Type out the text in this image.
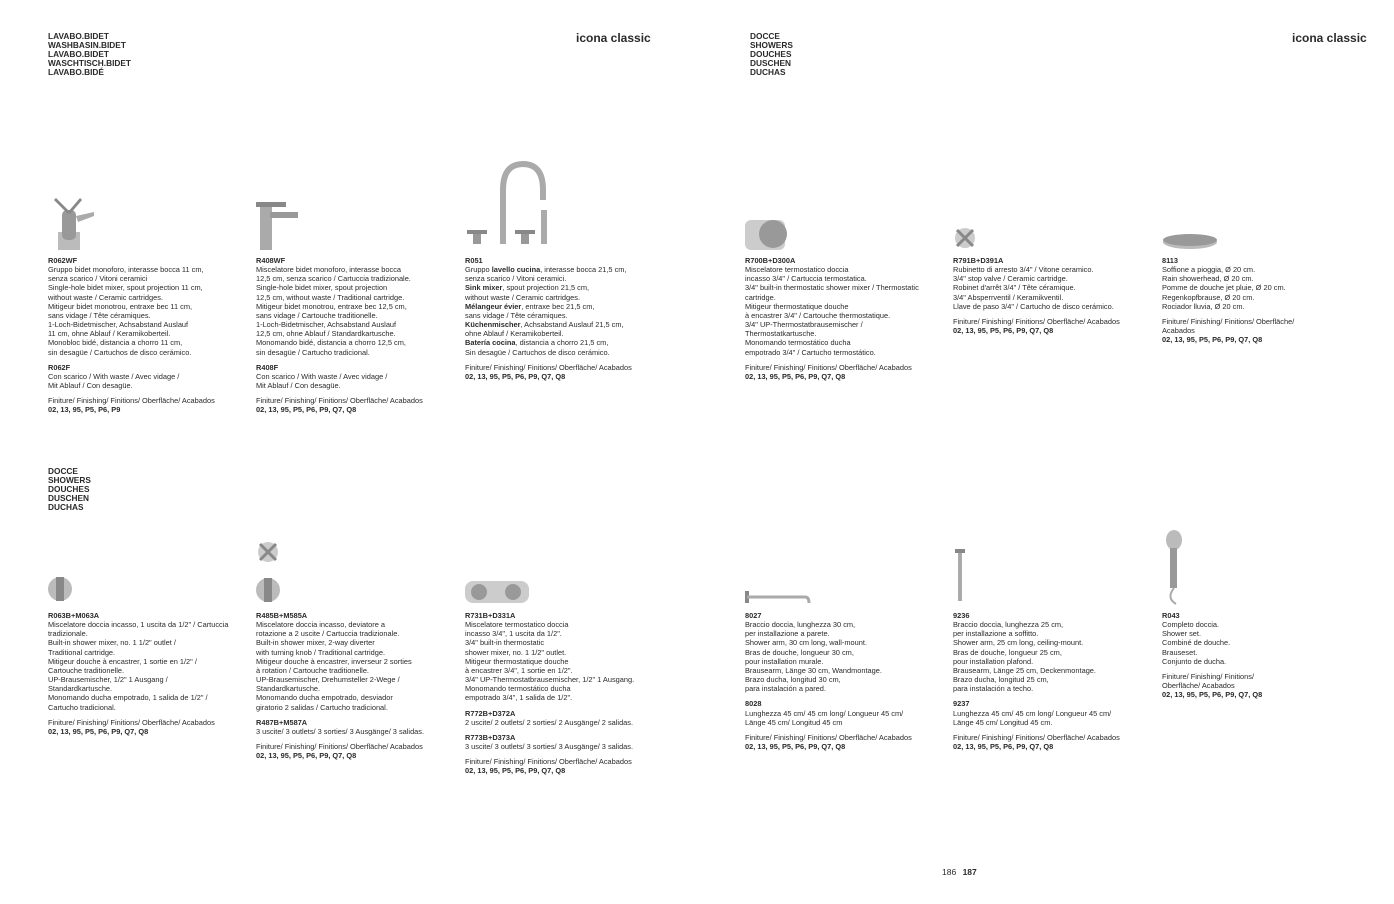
LAVABO.BIDET
WASHBASIN.BIDET
LAVABO.BIDET
WASCHTISCH.BIDET
LAVABO.BIDÉ
icona classic	DOCCE
SHOWERS
DOUCHES
DUSCHEN
DUCHAS
icona classic
DOCCE
SHOWERS
DOUCHES
DUSCHEN
DUCHAS
R062WF
Gruppo bidet monoforo, interasse bocca 11 cm,
senza scarico / Vitoni ceramici
Single-hole bidet mixer, spout projection 11 cm,
without waste / Ceramic cartridges.
Mitigeur bidet monotrou, entraxe bec 11 cm,
sans vidage / Tête céramiques.
1-Loch-Bidetmischer, Achsabstand Auslauf
11 cm, ohne Ablauf / Keramikoberteil.
Monobloc bidé, distancia a chorro 11 cm,
sin desagüe / Cartuchos de disco cerámico.
R062F
Con scarico / With waste / Avec vidage /
Mit Ablauf / Con desagüe.
Finiture/ Finishing/ Finitions/ Oberfläche/ Acabados
02, 13, 95, P5, P6, P9
R408WF
Miscelatore bidet monoforo, interasse bocca
12,5 cm, senza scarico / Cartuccia tradizionale.
Single-hole bidet mixer, spout projection
12,5 cm, without waste / Traditional cartridge.
Mitigeur bidet monotrou, entraxe bec 12,5 cm,
sans vidage / Cartouche traditionelle.
1-Loch-Bidetmischer, Achsabstand Auslauf
12,5 cm, ohne Ablauf / Standardkartusche.
Monomando bidé, distancia a chorro 12,5 cm,
sin desagüe / Cartucho tradicional.
R408F
Con scarico / With waste / Avec vidage /
Mit Ablauf / Con desagüe.
Finiture/ Finishing/ Finitions/ Oberfläche/ Acabados
02, 13, 95, P5, P6, P9, Q7, Q8
R051
Gruppo lavello cucina, interasse bocca 21,5 cm,
senza scarico / Vitoni ceramici.
Sink mixer, spout projection 21,5 cm,
without waste / Ceramic cartridges.
Mélangeur évier, entraxe bec 21,5 cm,
sans vidage / Tête céramiques.
Küchenmischer, Achsabstand Auslauf 21,5 cm,
ohne Ablauf / Keramikoberteil.
Batería cocina, distancia a chorro 21,5 cm,
Sin desagüe / Cartuchos de disco cerámico.
Finiture/ Finishing/ Finitions/ Oberfläche/ Acabados
02, 13, 95, P5, P6, P9, Q7, Q8
R700B+D300A
Miscelatore termostatico doccia
incasso 3/4" / Cartuccia termostatica.
3/4" built-in thermostatic shower mixer / Thermostatic
cartridge.
Mitigeur thermostatique douche
à encastrer 3/4" / Cartouche thermostatique.
3/4" UP-Thermostatbrausemischer /
Thermostatkartusche.
Monomando termostático ducha
empotrado 3/4" / Cartucho termostático.
Finiture/ Finishing/ Finitions/ Oberfläche/ Acabados
02, 13, 95, P5, P6, P9, Q7, Q8
R791B+D391A
Rubinetto di arresto 3/4" / Vitone ceramico.
3/4" stop valve / Ceramic cartridge.
Robinet d'arrêt 3/4" / Tête céramique.
3/4" Absperrventil / Keramikventil.
Llave de paso 3/4" / Cartucho de disco cerámico.
Finiture/ Finishing/ Finitions/ Oberfläche/ Acabados
02, 13, 95, P5, P6, P9, Q7, Q8
8113
Soffione a pioggia, Ø 20 cm.
Rain showerhead, Ø 20 cm.
Pomme de douche jet pluie, Ø 20 cm.
Regenkopfbrause, Ø 20 cm.
Rociador lluvia, Ø 20 cm.
Finiture/ Finishing/ Finitions/ Oberfläche/
Acabados
02, 13, 95, P5, P6, P9, Q7, Q8
R063B+M063A
Miscelatore doccia incasso, 1 uscita da 1/2" / Cartuccia
tradizionale.
Built-in shower mixer, no. 1 1/2" outlet /
Traditional cartridge.
Mitigeur douche à encastrer, 1 sortie en 1/2" /
Cartouche traditionelle.
UP-Brausemischer, 1/2" 1 Ausgang /
Standardkartusche.
Monomando ducha empotrado, 1 salida de 1/2" /
Cartucho tradicional.
Finiture/ Finishing/ Finitions/ Oberfläche/ Acabados
02, 13, 95, P5, P6, P9, Q7, Q8
R485B+M585A
Miscelatore doccia incasso, deviatore a
rotazione a 2 uscite / Cartuccia tradizionale.
Built-in shower mixer, 2-way diverter
with turning knob / Traditional cartridge.
Mitigeur douche à encastrer, inverseur 2 sorties
à rotation / Cartouche traditionelle.
UP-Brausemischer, Drehumsteller 2-Wege /
Standardkartusche.
Monomando ducha empotrado, desviador
giratorio 2 salidas / Cartucho tradicional.
R487B+M587A
3 uscite/ 3 outlets/ 3 sorties/ 3 Ausgänge/ 3 salidas.
Finiture/ Finishing/ Finitions/ Oberfläche/ Acabados
02, 13, 95, P5, P6, P9, Q7, Q8
R731B+D331A
Miscelatore termostatico doccia
incasso 3/4", 1 uscita da 1/2".
3/4" built-in thermostatic
shower mixer, no. 1 1/2" outlet.
Mitigeur thermostatique douche
à encastrer 3/4", 1 sortie en 1/2".
3/4" UP-Thermostatbrausemischer, 1/2" 1 Ausgang.
Monomando termostático ducha
empotrado 3/4", 1 salida de 1/2".
R772B+D372A
2 uscite/ 2 outlets/ 2 sorties/ 2 Ausgänge/ 2 salidas.
R773B+D373A
3 uscite/ 3 outlets/ 3 sorties/ 3 Ausgänge/ 3 salidas.
Finiture/ Finishing/ Finitions/ Oberfläche/ Acabados
02, 13, 95, P5, P6, P9, Q7, Q8
8027
Braccio doccia, lunghezza 30 cm,
per installazione a parete.
Shower arm, 30 cm long, wall-mount.
Bras de douche, longueur 30 cm,
pour installation murale.
Brausearm, Länge 30 cm, Wandmontage.
Brazo ducha, longitud 30 cm,
para instalación a pared.
8028
Lunghezza 45 cm/ 45 cm long/ Longueur 45 cm/
Länge 45 cm/ Longitud 45 cm
Finiture/ Finishing/ Finitions/ Oberfläche/ Acabados
02, 13, 95, P5, P6, P9, Q7, Q8
9236
Braccio doccia, lunghezza 25 cm,
per installazione a soffitto.
Shower arm, 25 cm long, ceiling-mount.
Bras de douche, longueur 25 cm,
pour installation plafond.
Brausearm, Länge 25 cm, Deckenmontage.
Brazo ducha, longitud 25 cm,
para instalación a techo.
9237
Lunghezza 45 cm/ 45 cm long/ Longueur 45 cm/
Länge 45 cm/ Longitud 45 cm.
Finiture/ Finishing/ Finitions/ Oberfläche/ Acabados
02, 13, 95, P5, P6, P9, Q7, Q8
R043
Completo doccia.
Shower set.
Combiné de douche.
Brauseset.
Conjunto de ducha.
Finiture/ Finishing/ Finitions/
Oberfläche/ Acabados
02, 13, 95, P5, P6, P9, Q7, Q8
186 187
